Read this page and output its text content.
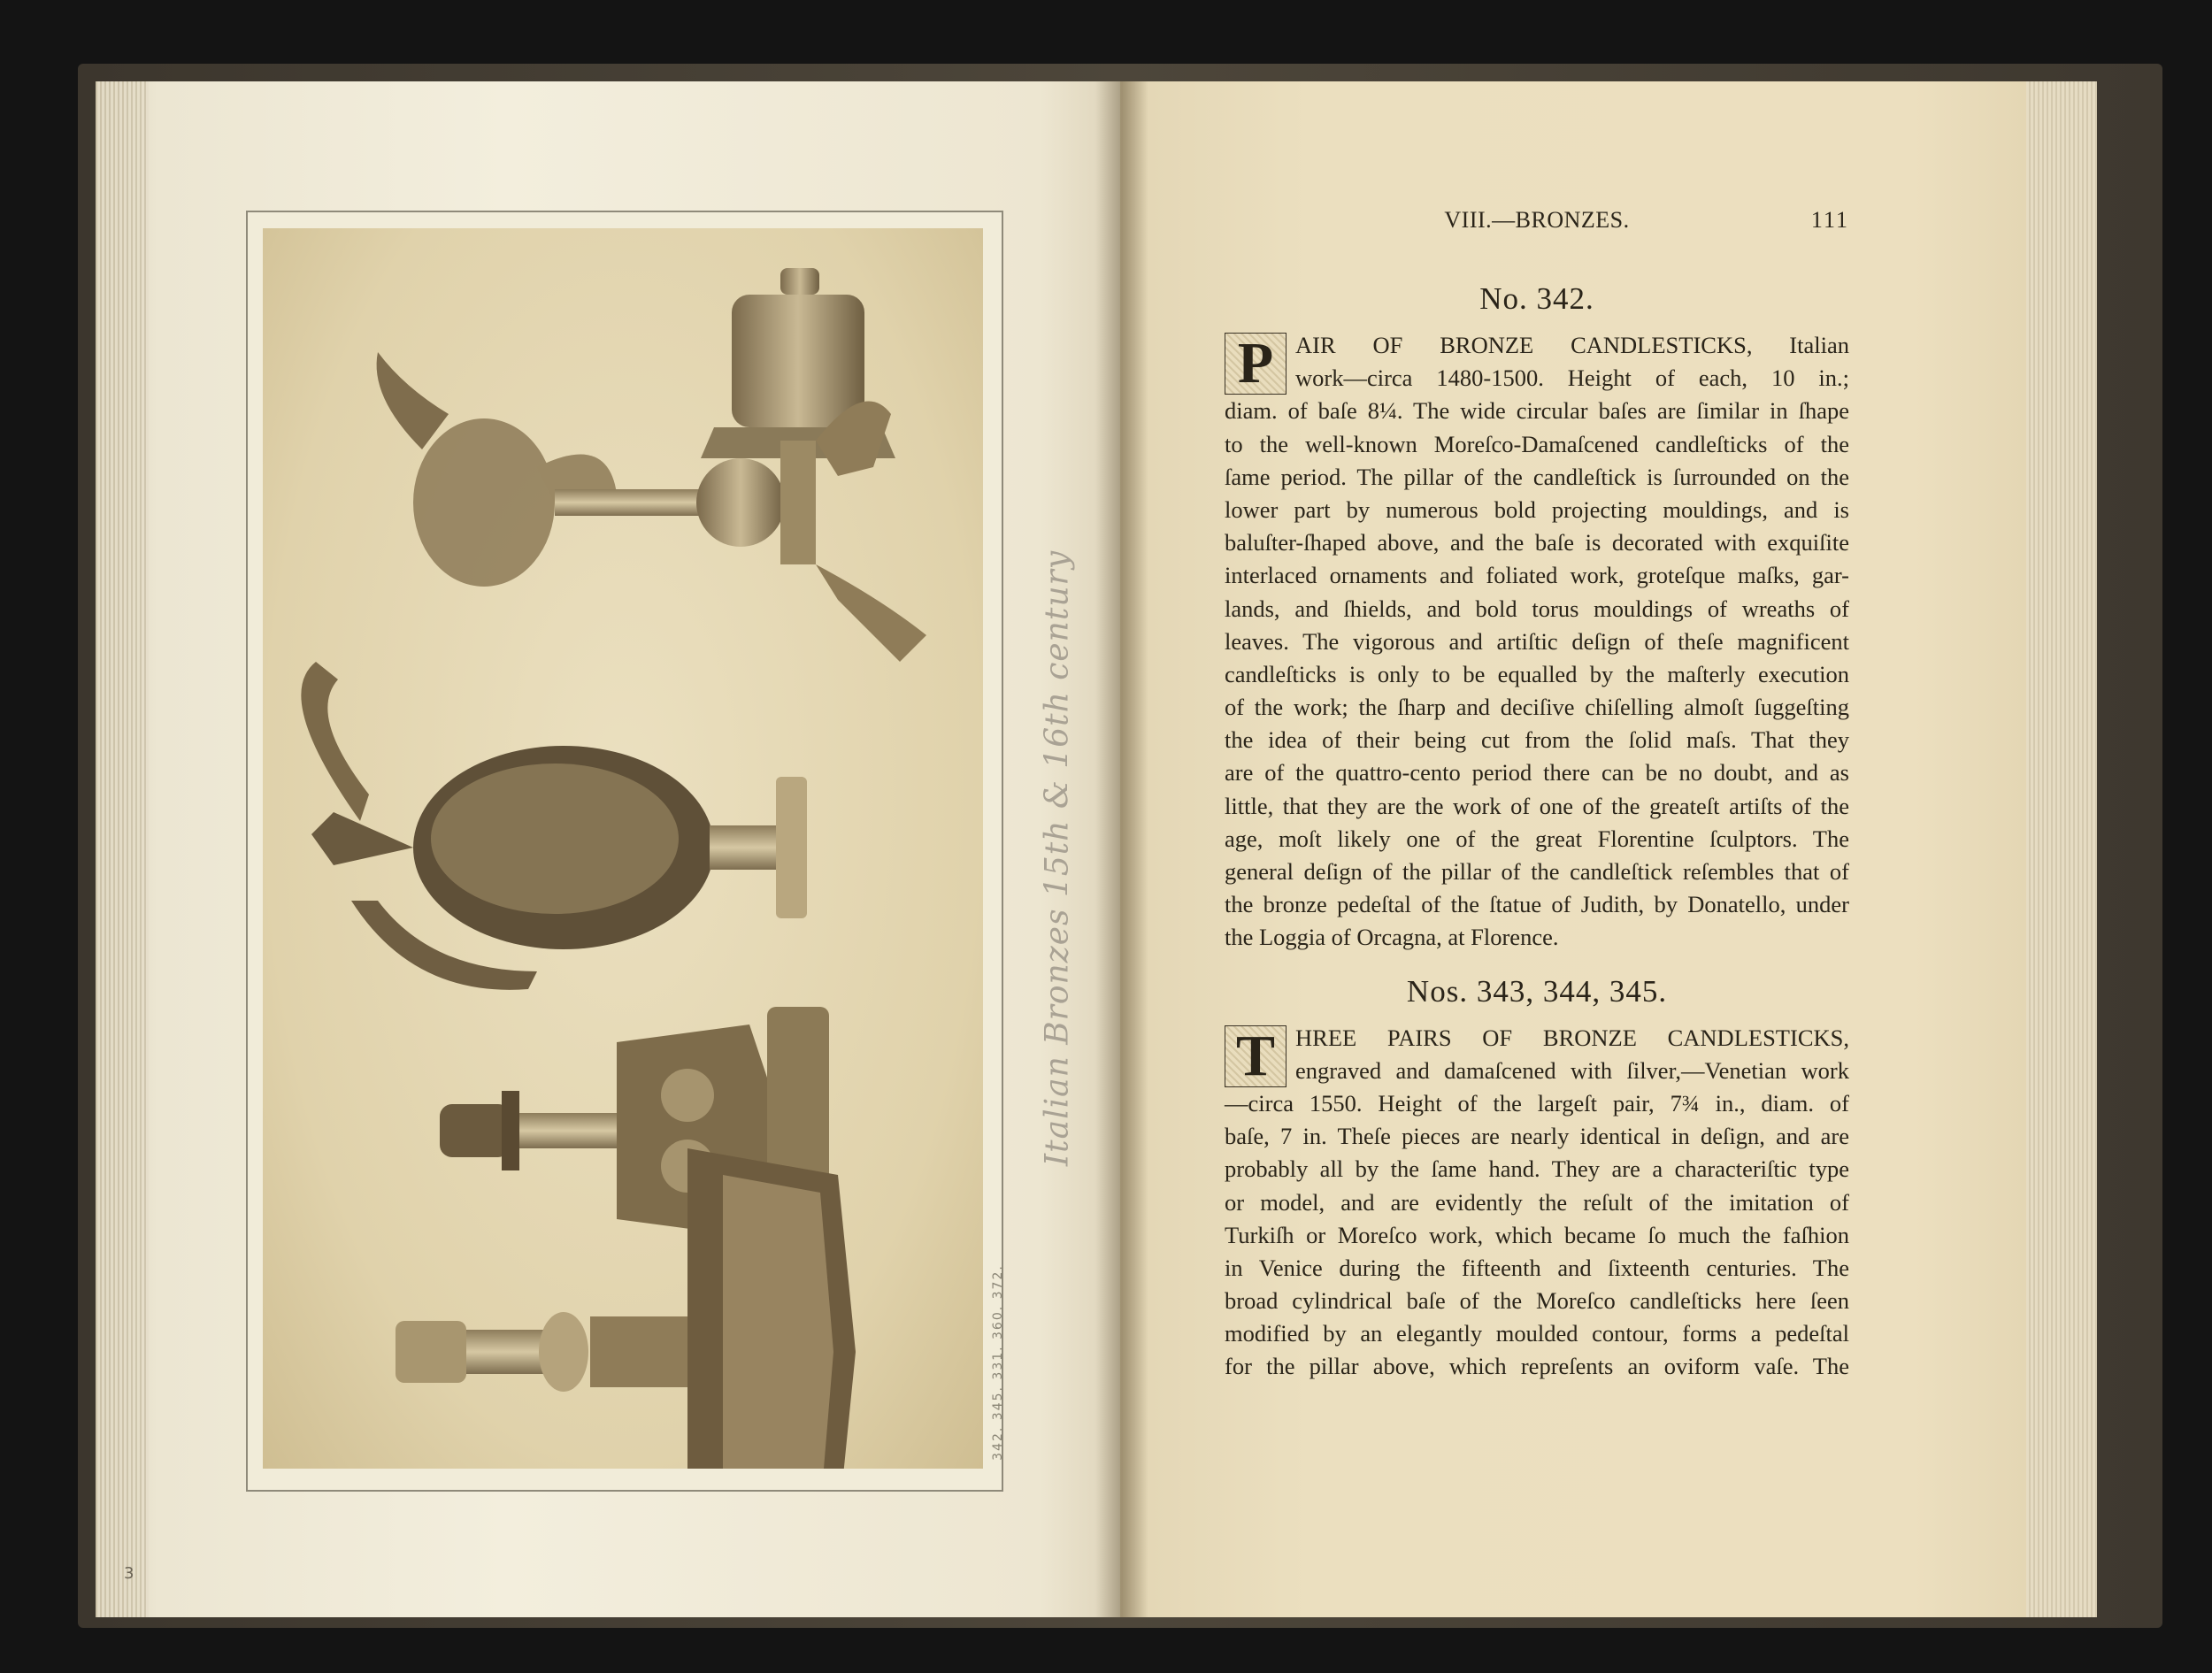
Italian Bronzes 15th & 16th century
342. 345. 331. 360. 372.
3
VIII.—BRONZES.	111

No. 342.

P AIR OF BRONZE CANDLESTICKS, Italian
work—circa 1480-1500. Height of each, 10 in.;
diam. of baſe 8¼. The wide circular baſes are ſimilar in ſhape
to the well-known Moreſco-Damaſcened candleſticks of the
ſame period. The pillar of the candleſtick is ſurrounded on the
lower part by numerous bold projecting mouldings, and is
baluſter-ſhaped above, and the baſe is decorated with exquiſite
interlaced ornaments and foliated work, groteſque maſks, gar-
lands, and ſhields, and bold torus mouldings of wreaths of
leaves. The vigorous and artiſtic deſign of theſe magnificent
candleſticks is only to be equalled by the maſterly execution
of the work; the ſharp and deciſive chiſelling almoſt ſuggeſting
the idea of their being cut from the ſolid maſs. That they
are of the quattro-cento period there can be no doubt, and as
little, that they are the work of one of the greateſt artiſts of the
age, moſt likely one of the great Florentine ſculptors. The
general deſign of the pillar of the candleſtick reſembles that of
the bronze pedeſtal of the ſtatue of Judith, by Donatello, under
the Loggia of Orcagna, at Florence.

Nos. 343, 344, 345.

T HREE PAIRS OF BRONZE CANDLESTICKS,
engraved and damaſcened with ſilver,—Venetian work
—circa 1550. Height of the largeſt pair, 7¾ in., diam. of
baſe, 7 in. Theſe pieces are nearly identical in deſign, and are
probably all by the ſame hand. They are a characteriſtic type
or model, and are evidently the reſult of the imitation of
Turkiſh or Moreſco work, which became ſo much the faſhion
in Venice during the fifteenth and ſixteenth centuries. The
broad cylindrical baſe of the Moreſco candleſticks here ſeen
modified by an elegantly moulded contour, forms a pedeſtal
for the pillar above, which repreſents an oviform vaſe. The
